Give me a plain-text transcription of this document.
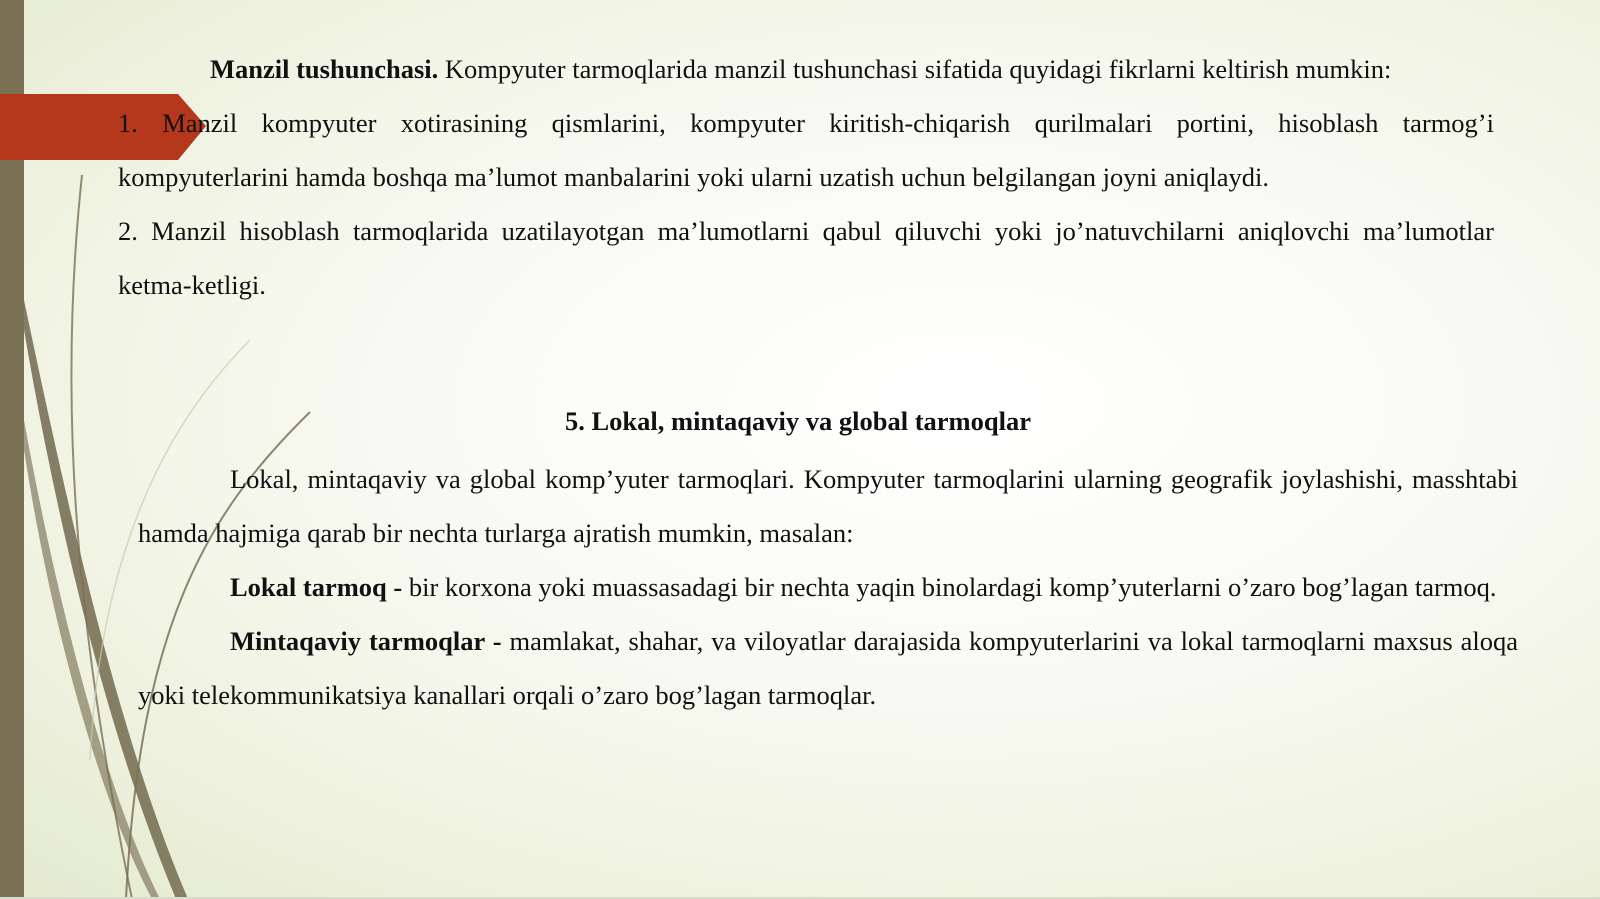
Manzil tushunchasi. Kompyuter tarmoqlarida manzil tushunchasi sifatida quyidagi fikrlarni keltirish mumkin:

1. Manzil kompyuter xotirasining qismlarini, kompyuter kiritish-chiqarish qurilmalari portini, hisoblash tarmog’i kompyuterlarini hamda boshqa ma’lumot manbalarini yoki ularni uzatish uchun belgilangan joyni aniqlaydi.

2. Manzil hisoblash tarmoqlarida uzatilayotgan ma’lumotlarni qabul qiluvchi yoki jo’natuvchilarni aniqlovchi ma’lumotlar ketma-ketligi.

5. Lokal, mintaqaviy va global tarmoqlar

Lokal, mintaqaviy va global komp’yuter tarmoqlari. Kompyuter tarmoqlarini ularning geografik joylashishi, masshtabi hamda hajmiga qarab bir nechta turlarga ajratish mumkin, masalan:

Lokal tarmoq - bir korxona yoki muassasadagi bir nechta yaqin binolardagi komp’yuterlarni o’zaro bog’lagan tarmoq.

Mintaqaviy tarmoqlar - mamlakat, shahar, va viloyatlar darajasida kompyuterlarini va lokal tarmoqlarni maxsus aloqa yoki telekommunikatsiya kanallari orqali o’zaro bog’lagan tarmoqlar.
